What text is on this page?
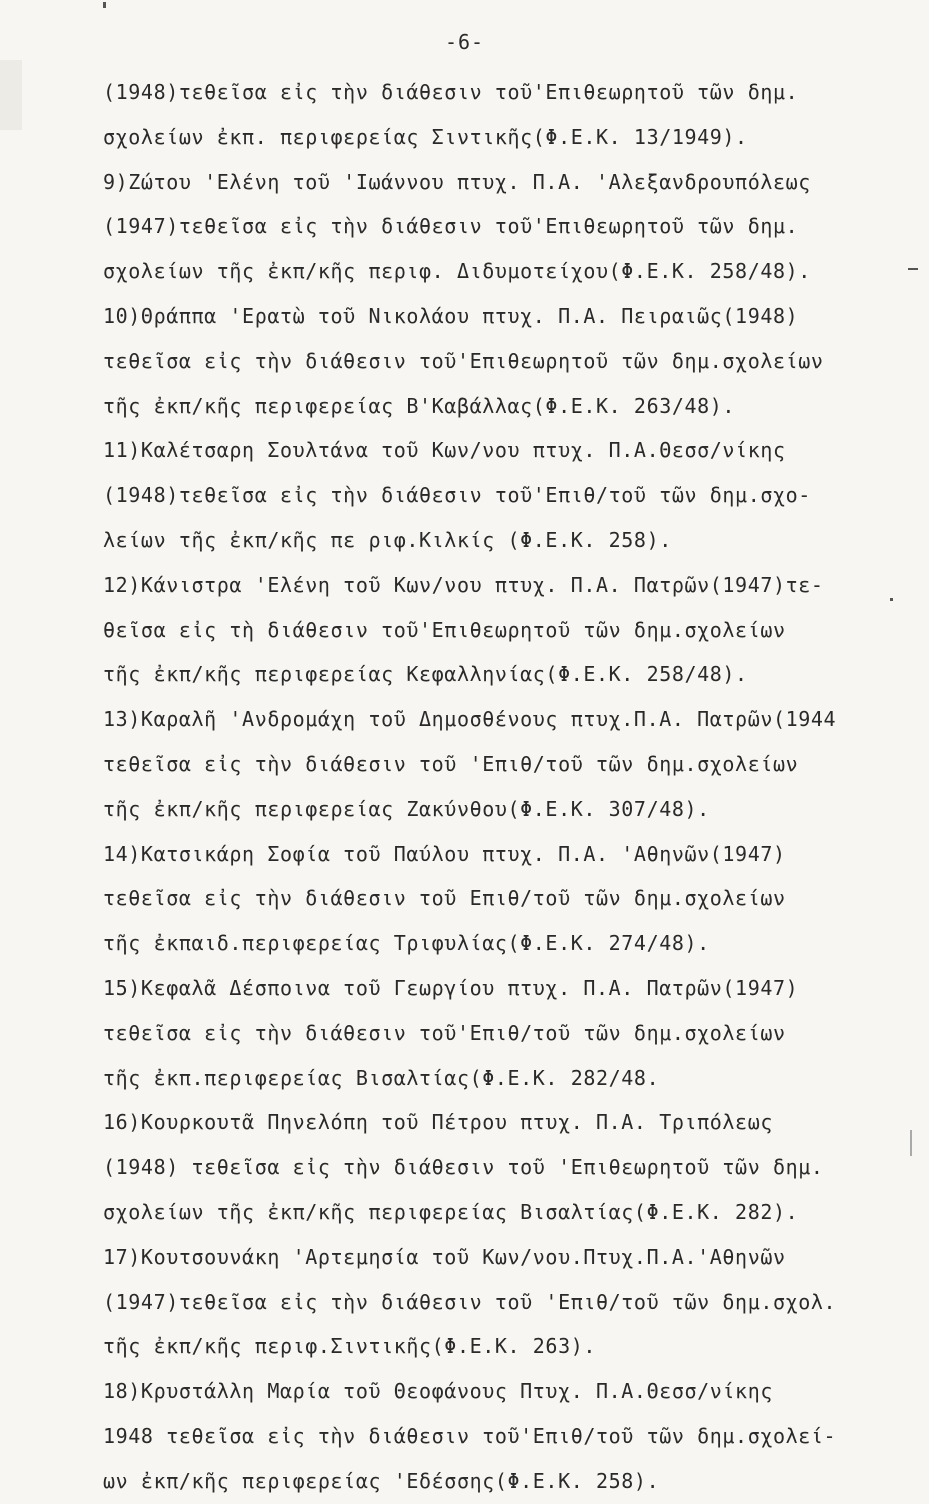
-6-
(1948)τεθεῖσα εἰς τὴν διάθεσιν τοῦ'Επιθεωρητοῦ τῶν δημ.
σχολείων ἐκπ. περιφερείας Σιντικῆς(Φ.Ε.Κ. 13/1949).
9)Ζώτου 'Ελένη τοῦ 'Ιωάννου πτυχ. Π.Α. 'Αλεξανδρουπόλεως
(1947)τεθεῖσα εἰς τὴν διάθεσιν τοῦ'Επιθεωρητοῦ τῶν δημ.
σχολείων τῆς ἐκπ/κῆς περιφ. Διδυμοτείχου(Φ.Ε.Κ. 258/48).
10)Θράππα 'Ερατὼ τοῦ Νικολάου πτυχ. Π.Α. Πειραιῶς(1948)
τεθεῖσα εἰς τὴν διάθεσιν τοῦ'Επιθεωρητοῦ τῶν δημ.σχολείων
τῆς ἐκπ/κῆς περιφερείας Β'Καβάλλας(Φ.Ε.Κ. 263/48).
11)Καλέτσαρη Σουλτάνα τοῦ Κων/νου πτυχ. Π.Α.Θεσσ/νίκης
(1948)τεθεῖσα εἰς τὴν διάθεσιν τοῦ'Επιθ/τοῦ τῶν δημ.σχο-
λείων τῆς ἐκπ/κῆς πε ριφ.Κιλκίς (Φ.Ε.Κ. 258).
12)Κάνιστρα 'Ελένη τοῦ Κων/νου πτυχ. Π.Α. Πατρῶν(1947)τε-
θεῖσα εἰς τὴ διάθεσιν τοῦ'Επιθεωρητοῦ τῶν δημ.σχολείων
τῆς ἐκπ/κῆς περιφερείας Κεφαλληνίας(Φ.Ε.Κ. 258/48).
13)Καραλῆ 'Ανδρομάχη τοῦ Δημοσθένους πτυχ.Π.Α. Πατρῶν(1944
τεθεῖσα εἰς τὴν διάθεσιν τοῦ 'Επιθ/τοῦ τῶν δημ.σχολείων
τῆς ἐκπ/κῆς περιφερείας Ζακύνθου(Φ.Ε.Κ. 307/48).
14)Κατσικάρη Σοφία τοῦ Παύλου πτυχ. Π.Α. 'Αθηνῶν(1947)
τεθεῖσα εἰς τὴν διάθεσιν τοῦ Επιθ/τοῦ τῶν δημ.σχολείων
τῆς ἐκπαιδ.περιφερείας Τριφυλίας(Φ.Ε.Κ. 274/48).
15)Κεφαλᾶ Δέσποινα τοῦ Γεωργίου πτυχ. Π.Α. Πατρῶν(1947)
τεθεῖσα εἰς τὴν διάθεσιν τοῦ'Επιθ/τοῦ τῶν δημ.σχολείων
τῆς ἐκπ.περιφερείας Βισαλτίας(Φ.Ε.Κ. 282/48.
16)Κουρκουτᾶ Πηνελόπη τοῦ Πέτρου πτυχ. Π.Α. Τριπόλεως
(1948) τεθεῖσα εἰς τὴν διάθεσιν τοῦ 'Επιθεωρητοῦ τῶν δημ.
σχολείων τῆς ἐκπ/κῆς περιφερείας Βισαλτίας(Φ.Ε.Κ. 282).
17)Κουτσουνάκη 'Αρτεμησία τοῦ Κων/νου.Πτυχ.Π.Α.'Αθηνῶν
(1947)τεθεῖσα εἰς τὴν διάθεσιν τοῦ 'Επιθ/τοῦ τῶν δημ.σχολ.
τῆς ἐκπ/κῆς περιφ.Σιντικῆς(Φ.Ε.Κ. 263).
18)Κρυστάλλη Μαρία τοῦ Θεοφάνους Πτυχ. Π.Α.Θεσσ/νίκης
1948 τεθεῖσα εἰς τὴν διάθεσιν τοῦ'Επιθ/τοῦ τῶν δημ.σχολεί-
ων ἐκπ/κῆς περιφερείας 'Εδέσσης(Φ.Ε.Κ. 258).
